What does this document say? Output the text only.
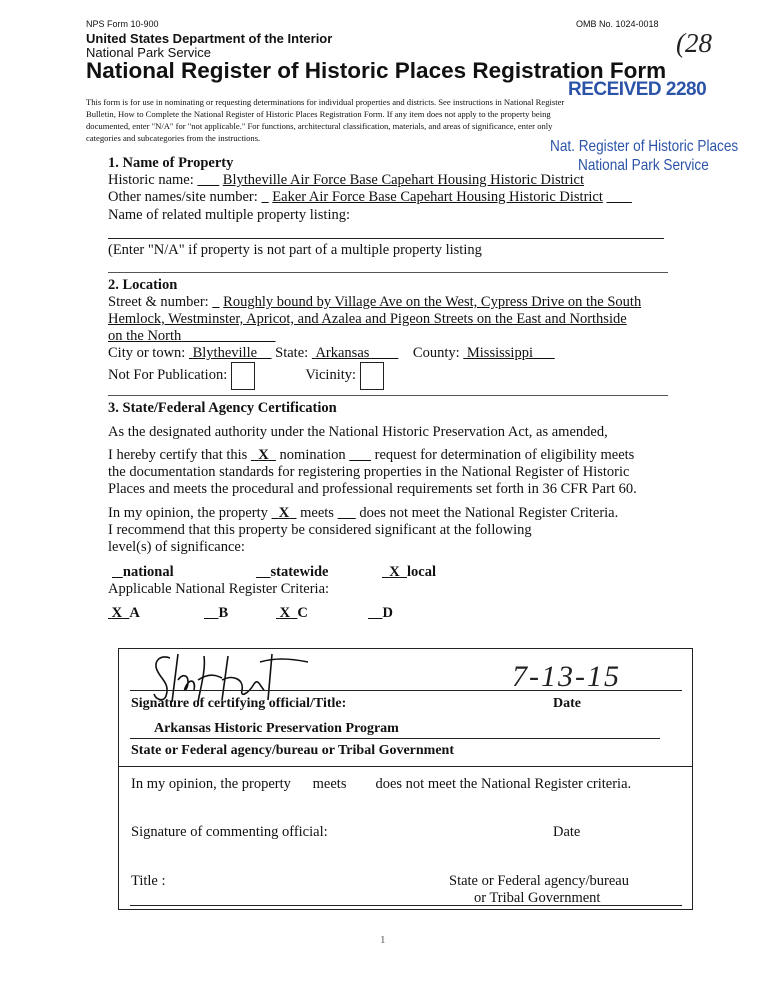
NPS Form 10-900	OMB No. 1024-0018
United States Department of the Interior
National Park Service	(28
National Register of Historic Places Registration Form
This form is for use in nominating or requesting determinations for individual properties and districts. See instructions in National Register
Bulletin, How to Complete the National Register of Historic Places Registration Form. If any item does not apply to the property being
documented, enter "N/A" for "not applicable." For functions, architectural classification, materials, and areas of significance, enter only
categories and subcategories from the instructions.
RECEIVED 2280
Nat. Register of Historic Places
National Park Service
1. Name of Property
Historic name: Blytheville Air Force Base Capehart Housing Historic District
Other names/site number: Eaker Air Force Base Capehart Housing Historic District
Name of related multiple property listing:
(Enter "N/A" if property is not part of a multiple property listing
2. Location
Street & number: Roughly bound by Village Ave on the West, Cypress Drive on the South
Hemlock, Westminster, Apricot, and Azalea and Pigeon Streets on the East and Northside
on the North
City or town: Blytheville State: Arkansas	County: Mississippi
Not For Publication:	Vicinity:
3. State/Federal Agency Certification
As the designated authority under the National Historic Preservation Act, as amended,
I hereby certify that this X nomination request for determination of eligibility meets
the documentation standards for registering properties in the National Register of Historic
Places and meets the procedural and professional requirements set forth in 36 CFR Part 60.
In my opinion, the property X meets does not meet the National Register Criteria.
I recommend that this property be considered significant at the following
level(s) of significance:
national	statewide	X local
Applicable National Register Criteria:
X A	B	X C	D
7-13-15
Signature of certifying official/Title:	Date
Arkansas Historic Preservation Program
State or Federal agency/bureau or Tribal Government
In my opinion, the property meets does not meet the National Register criteria.
Signature of commenting official:	Date
Title :	State or Federal agency/bureau
or Tribal Government
1
